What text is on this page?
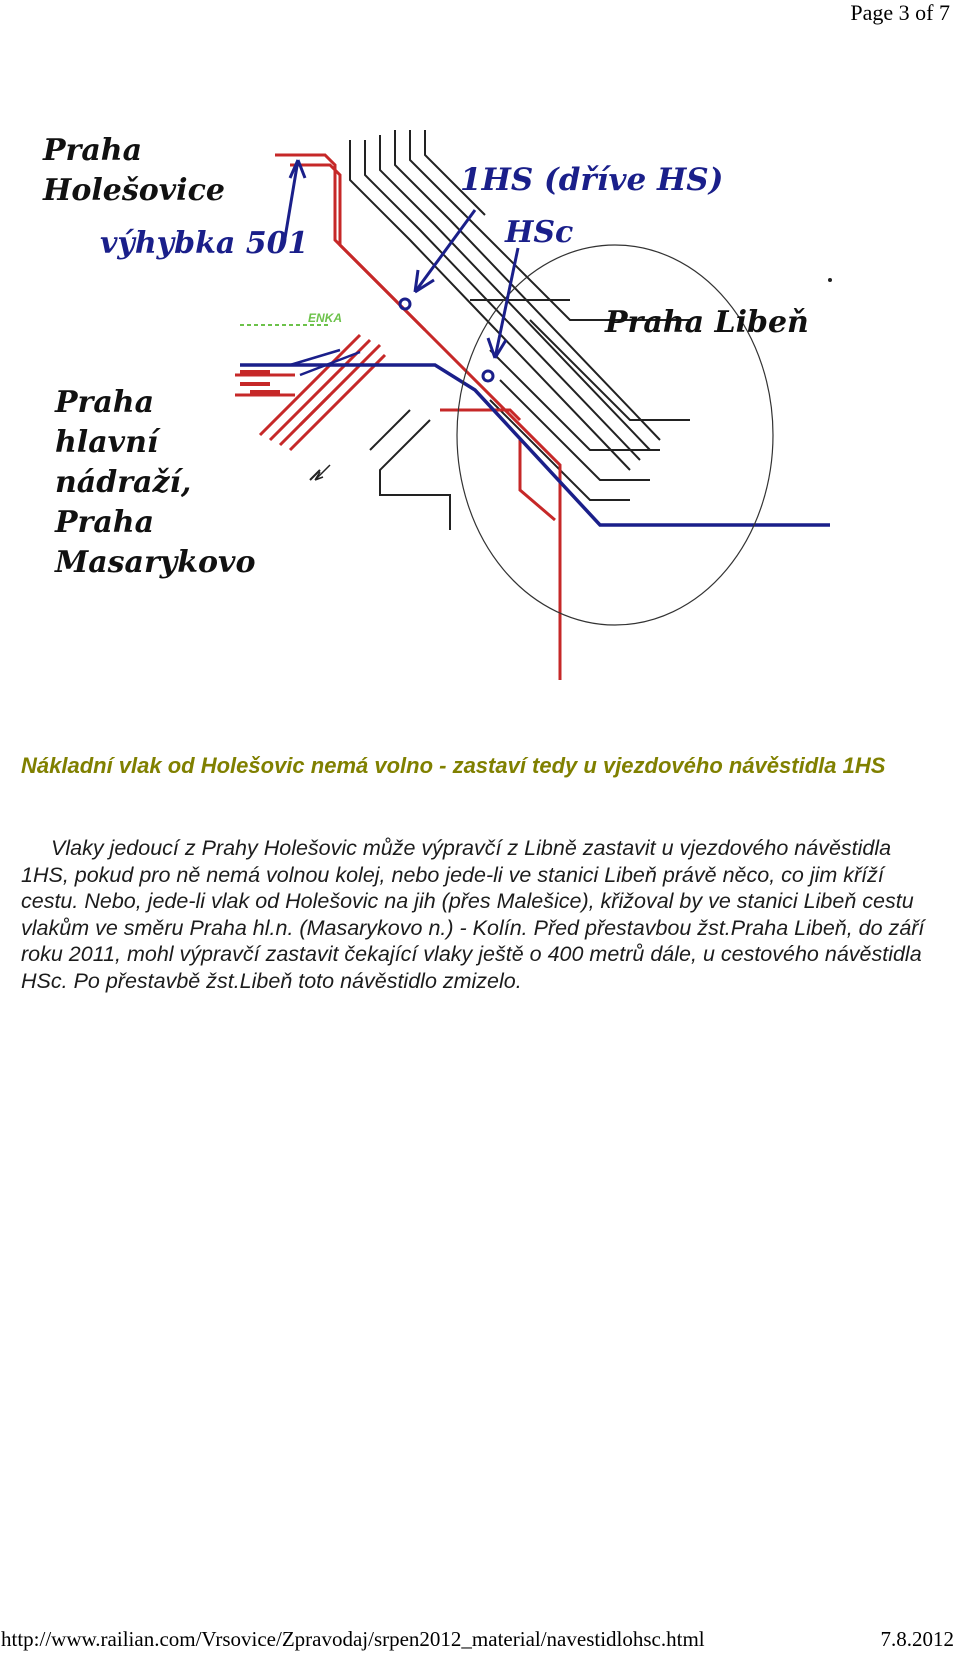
Page 3 of 7
Praha
Holešovice
výhybka 501
1HS (dříve HS)
HSc
Praha Libeň
Praha
hlavní
nádraží,
Praha
Masarykovo
ENKA
Nákladní vlak od Holešovic nemá volno - zastaví tedy u vjezdového návěstidla 1HS

Vlaky jedoucí z Prahy Holešovic může výpravčí z Libně zastavit u vjezdového návěstidla 1HS, pokud pro ně nemá volnou kolej, nebo jede-li ve stanici Libeň právě něco, co jim kříží cestu. Nebo, jede-li vlak od Holešovic na jih (přes Malešice), křižoval by ve stanici Libeň cestu vlakům ve směru Praha hl.n. (Masarykovo n.) - Kolín. Před přestavbou žst.Praha Libeň, do září roku 2011, mohl výpravčí zastavit čekající vlaky ještě o 400 metrů dále, u cestového návěstidla HSc. Po přestavbě žst.Libeň toto návěstidlo zmizelo.

http://www.railian.com/Vrsovice/Zpravodaj/srpen2012_material/navestidlohsc.html	7.8.2012
